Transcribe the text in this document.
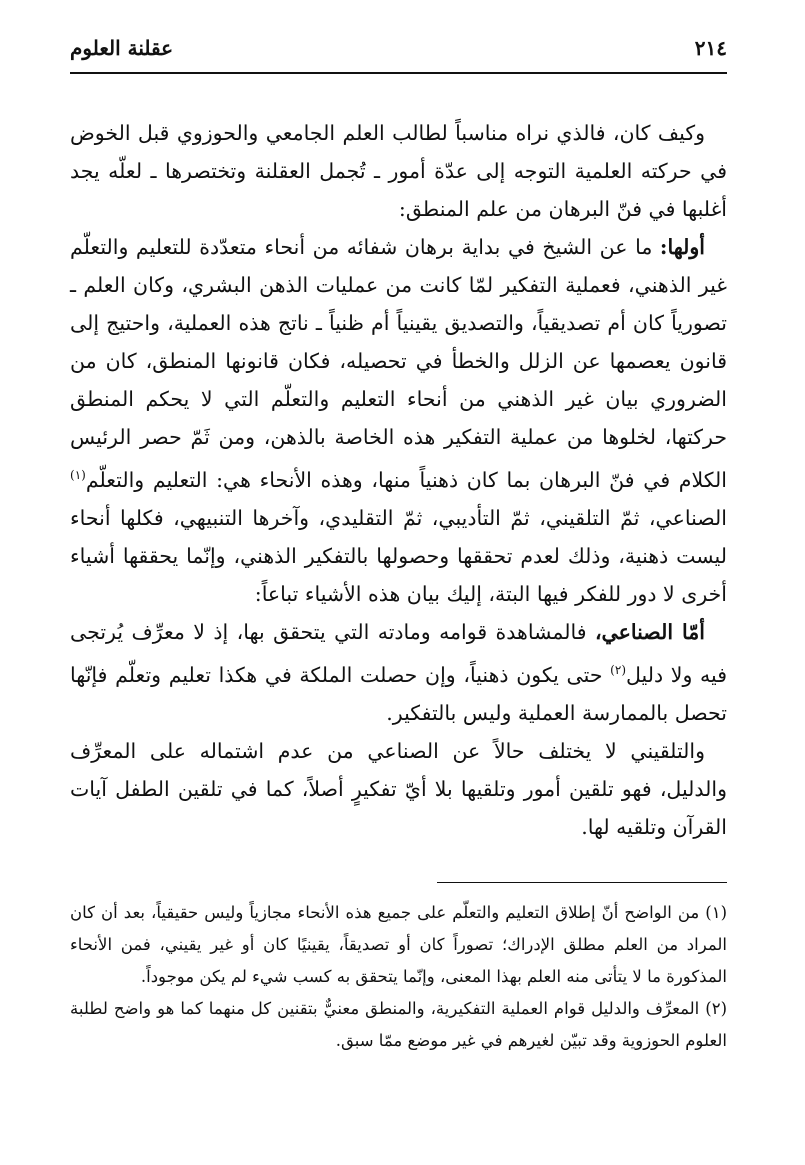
٢١٤
عقلنة العلوم

وكيف كان، فالذي نراه مناسباً لطالب العلم الجامعي والحوزوي قبل الخوض في حركته العلمية التوجه إلى عدّة أمور ـ تُجمل العقلنة وتختصرها ـ لعلّه يجد أغلبها في فنّ البرهان من علم المنطق:

أولها: ما عن الشيخ في بداية برهان شفائه من أنحاء متعدّدة للتعليم والتعلّم غير الذهني، فعملية التفكير لمّا كانت من عمليات الذهن البشري، وكان العلم ـ تصورياً كان أم تصديقياً، والتصديق يقينياً أم ظنياً ـ ناتج هذه العملية، واحتيج إلى قانون يعصمها عن الزلل والخطأ في تحصيله، فكان قانونها المنطق، كان من الضروري بيان غير الذهني من أنحاء التعليم والتعلّم التي لا يحكم المنطق حركتها، لخلوها من عملية التفكير هذه الخاصة بالذهن، ومن ثَمّ حصر الرئيس الكلام في فنّ البرهان بما كان ذهنياً منها، وهذه الأنحاء هي: التعليم والتعلّم$^{(١)}$ الصناعي، ثمّ التلقيني، ثمّ التأديبي، ثمّ التقليدي، وآخرها التنبيهي، فكلها أنحاء ليست ذهنية، وذلك لعدم تحققها وحصولها بالتفكير الذهني، وإنّما يحققها أشياء أخرى لا دور للفكر فيها البتة، إليك بيان هذه الأشياء تباعاً:

أمّا الصناعي، فالمشاهدة قوامه ومادته التي يتحقق بها، إذ لا معرِّف يُرتجى فيه ولا دليل$^{(٢)}$ حتى يكون ذهنياً، وإن حصلت الملكة في هكذا تعليم وتعلّم فإنّها تحصل بالممارسة العملية وليس بالتفكير.

والتلقيني لا يختلف حالاً عن الصناعي من عدم اشتماله على المعرِّف والدليل، فهو تلقين أمور وتلقيها بلا أيّ تفكيرٍ أصلاً، كما في تلقين الطفل آيات القرآن وتلقيه لها.

(١)من الواضح أنّ إطلاق التعليم والتعلّم على جميع هذه الأنحاء مجازياً وليس حقيقياً، بعد أن كان المراد من العلم مطلق الإدراك؛ تصوراً كان أو تصديقاً، يقينيًا كان أو غير يقيني، فمن الأنحاء المذكورة ما لا يتأتى منه العلم بهذا المعنى، وإنّما يتحقق به كسب شيء لم يكن موجوداً.

(٢)المعرِّف والدليل قوام العملية التفكيرية، والمنطق معنيٌّ بتقنين كل منهما كما هو واضح لطلبة العلوم الحوزوية وقد تبيّن لغيرهم في غير موضع ممّا سبق.
